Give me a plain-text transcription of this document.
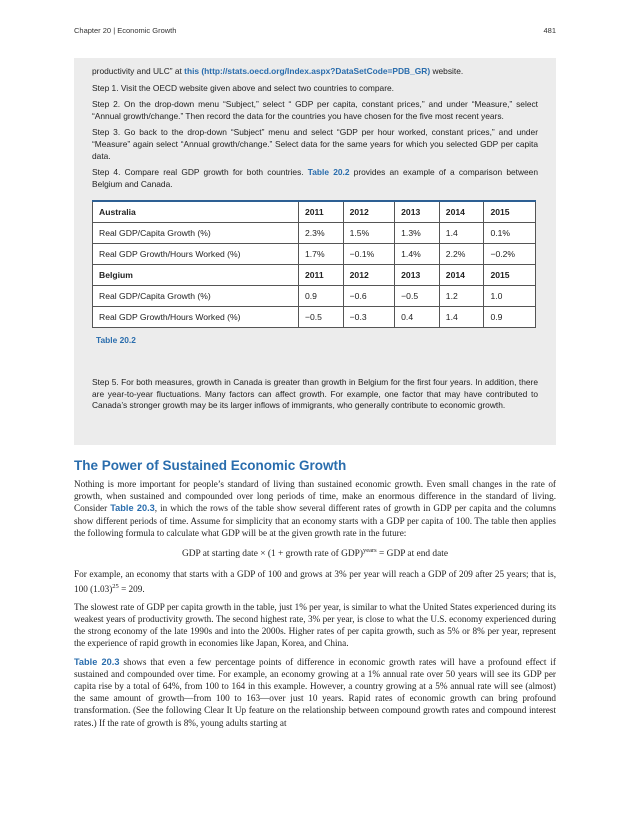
Chapter 20 | Economic Growth	481

productivity and ULC” at this (http://stats.oecd.org/Index.aspx?DataSetCode=PDB_GR) website.

Step 1. Visit the OECD website given above and select two countries to compare.

Step 2. On the drop-down menu “Subject,” select “ GDP per capita, constant prices,” and under “Measure,” select “Annual growth/change.” Then record the data for the countries you have chosen for the five most recent years.

Step 3. Go back to the drop-down “Subject” menu and select “GDP per hour worked, constant prices,” and under “Measure” again select “Annual growth/change.” Select data for the same years for which you selected GDP per capita data.

Step 4. Compare real GDP growth for both countries. Table 20.2 provides an example of a comparison between Belgium and Canada.

Australia	2011	2012	2013	2014	2015
Real GDP/Capita Growth (%)	2.3%	1.5%	1.3%	1.4	0.1%
Real GDP Growth/Hours Worked (%)	1.7%	−0.1%	1.4%	2.2%	−0.2%
Belgium	2011	2012	2013	2014	2015
Real GDP/Capita Growth (%)	0.9	−0.6	−0.5	1.2	1.0
Real GDP Growth/Hours Worked (%)	−0.5	−0.3	0.4	1.4	0.9
Table 20.2

Step 5. For both measures, growth in Canada is greater than growth in Belgium for the first four years. In addition, there are year-to-year fluctuations. Many factors can affect growth. For example, one factor that may have contributed to Canada’s stronger growth may be its larger inflows of immigrants, who generally contribute to economic growth.

The Power of Sustained Economic Growth

Nothing is more important for people’s standard of living than sustained economic growth. Even small changes in the rate of growth, when sustained and compounded over long periods of time, make an enormous difference in the standard of living. Consider Table 20.3, in which the rows of the table show several different rates of growth in GDP per capita and the columns show different periods of time. Assume for simplicity that an economy starts with a GDP per capita of 100. The table then applies the following formula to calculate what GDP will be at the given growth rate in the future:

GDP at starting date × (1 + growth rate of GDP)$^{years}$ = GDP at end date

For example, an economy that starts with a GDP of 100 and grows at 3% per year will reach a GDP of 209 after 25 years; that is, 100 $(1.03)^{25} = 209$.

The slowest rate of GDP per capita growth in the table, just 1% per year, is similar to what the United States experienced during its weakest years of productivity growth. The second highest rate, 3% per year, is close to what the U.S. economy experienced during the strong economy of the late 1990s and into the 2000s. Higher rates of per capita growth, such as 5% or 8% per year, represent the experience of rapid growth in economies like Japan, Korea, and China.

Table 20.3 shows that even a few percentage points of difference in economic growth rates will have a profound effect if sustained and compounded over time. For example, an economy growing at a 1% annual rate over 50 years will see its GDP per capita rise by a total of 64%, from 100 to 164 in this example. However, a country growing at a 5% annual rate will see (almost) the same amount of growth—from 100 to 163—over just 10 years. Rapid rates of economic growth can bring profound transformation. (See the following Clear It Up feature on the relationship between compound growth rates and compound interest rates.) If the rate of growth is 8%, young adults starting at
